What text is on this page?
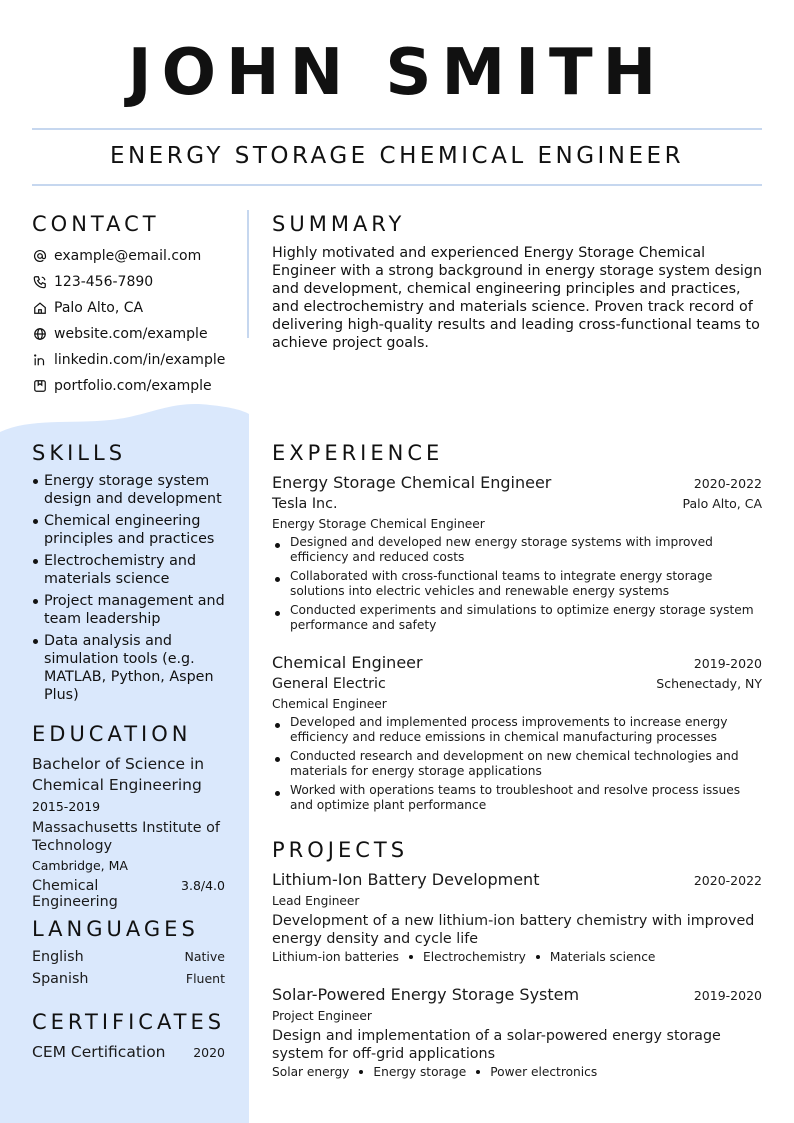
JOHN SMITH
ENERGY STORAGE CHEMICAL ENGINEER
CONTACT
example@email.com
123-456-7890
Palo Alto, CA
website.com/example
linkedin.com/in/example
portfolio.com/example
SKILLS
Energy storage system design and development
Chemical engineering principles and practices
Electrochemistry and materials science
Project management and team leadership
Data analysis and simulation tools (e.g. MATLAB, Python, Aspen Plus)
EDUCATION
Bachelor of Science in Chemical Engineering
2015-2019
Massachusetts Institute of Technology
Cambridge, MA
Chemical Engineering
3.8/4.0
LANGUAGES
English	Native
Spanish	Fluent
CERTIFICATES
CEM Certification 2020
SUMMARY
Highly motivated and experienced Energy Storage Chemical Engineer with a strong background in energy storage system design and development, chemical engineering principles and practices, and electrochemistry and materials science. Proven track record of delivering high-quality results and leading cross-functional teams to achieve project goals.
EXPERIENCE
Energy Storage Chemical Engineer	2020-2022
Tesla Inc.	Palo Alto, CA
Energy Storage Chemical Engineer
Designed and developed new energy storage systems with improved efficiency and reduced costs
Collaborated with cross-functional teams to integrate energy storage solutions into electric vehicles and renewable energy systems
Conducted experiments and simulations to optimize energy storage system performance and safety
Chemical Engineer	2019-2020
General Electric	Schenectady, NY
Chemical Engineer
Developed and implemented process improvements to increase energy efficiency and reduce emissions in chemical manufacturing processes
Conducted research and development on new chemical technologies and materials for energy storage applications
Worked with operations teams to troubleshoot and resolve process issues and optimize plant performance
PROJECTS
Lithium-Ion Battery Development	2020-2022
Lead Engineer
Development of a new lithium-ion battery chemistry with improved energy density and cycle life
Lithium-ion batteries Electrochemistry Materials science
Solar-Powered Energy Storage System	2019-2020
Project Engineer
Design and implementation of a solar-powered energy storage system for off-grid applications
Solar energy Energy storage Power electronics
